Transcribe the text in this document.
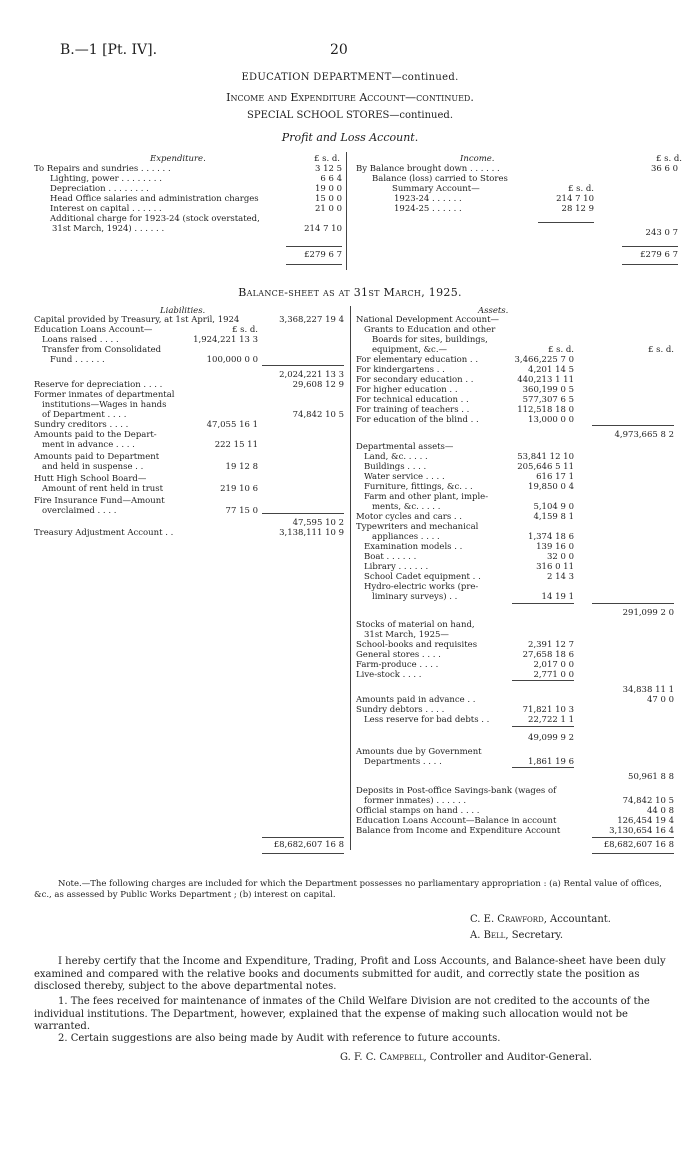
B.—1 [Pt. IV].	20
EDUCATION DEPARTMENT—continued.
Income and Expenditure Account—continued.
SPECIAL SCHOOL STORES—continued.
Profit and Loss Account.
Expenditure.	£ s. d.	Income.	£ s. d.
To Repairs and sundries . . . . . .	3 12 5
Lighting, power . . . . . . . .	6 6 4
Depreciation . . . . . . . .	19 0 0
Head Office salaries and administration charges	15 0 0
Interest on capital . . . . . .	21 0 0
Additional charge for 1923-24 (stock overstated,
31st March, 1924) . . . . . .	214 7 10
By Balance brought down . . . . . .	36 6 0
Balance (loss) carried to Stores
Summary Account—	£ s. d.
1923-24 . . . . . .	214 7 10
1924-25 . . . . . .	28 12 9
243 0 7
£279 6 7	£279 6 7
Balance-sheet as at 31st March, 1925.
Liabilities.	Assets.
Capital provided by Treasury, at 1st April, 1924	3,368,227 19 4
Education Loans Account—	£ s. d.
Loans raised . . . .	1,924,221 13 3
Transfer from Consolidated
Fund . . . . . .	100,000 0 0
2,024,221 13 3
Reserve for depreciation . . . .	29,608 12 9
Former inmates of departmental
institutions—Wages in hands
of Department . . . .	74,842 10 5
Sundry creditors . . . .	47,055 16 1
Amounts paid to the Depart-
ment in advance . . . .	222 15 11
Amounts paid to Department
and held in suspense . .	19 12 8
Hutt High School Board—
Amount of rent held in trust	219 10 6
Fire Insurance Fund—Amount
overclaimed . . . .	77 15 0
47,595 10 2
Treasury Adjustment Account . .	3,138,111 10 9
National Development Account—
Grants to Education and other
Boards for sites, buildings,
equipment, &c.—	£ s. d.	£ s. d.
For elementary education . .	3,466,225 7 0
For kindergartens . .	4,201 14 5
For secondary education . .	440,213 1 11
For higher education . .	360,199 0 5
For technical education . .	577,307 6 5
For training of teachers . .	112,518 18 0
For education of the blind . .	13,000 0 0
4,973,665 8 2
Departmental assets—
Land, &c. . . . .	53,841 12 10
Buildings . . . .	205,646 5 11
Water service . . . .	616 17 1
Furniture, fittings, &c. . .	19,850 0 4
Farm and other plant, imple-
ments, &c. . . . .	5,104 9 0
Motor cycles and cars . .	4,159 8 1
Typewriters and mechanical
appliances . . . .	1,374 18 6
Examination models . .	139 16 0
Boat . . . . . .	32 0 0
Library . . . . . .	316 0 11
School Cadet equipment . .	2 14 3
Hydro-electric works (pre-
liminary surveys) . .	14 19 1
291,099 2 0
Stocks of material on hand,
31st March, 1925—
School-books and requisites	2,391 12 7
General stores . . . .	27,658 18 6
Farm-produce . . . .	2,017 0 0
Live-stock . . . .	2,771 0 0
34,838 11 1
Amounts paid in advance . .	47 0 0
Sundry debtors . . . .	71,821 10 3
Less reserve for bad debts . .	22,722 1 1
49,099 9 2
Amounts due by Government
Departments . . . .	1,861 19 6
50,961 8 8
Deposits in Post-office Savings-bank (wages of
former inmates) . . . . . .	74,842 10 5
Official stamps on hand . . . .	44 0 8
Education Loans Account—Balance in account	126,454 19 4
Balance from Income and Expenditure Account	3,130,654 16 4
£8,682,607 16 8	£8,682,607 16 8
Note.—The following charges are included for which the Department possesses no parliamentary appropriation : (a) Rental value of offices, &c., as assessed by Public Works Department ; (b) interest on capital.
C. E. Crawford, Accountant.
A. Bell, Secretary.
I hereby certify that the Income and Expenditure, Trading, Profit and Loss Accounts, and Balance-sheet have been duly examined and compared with the relative books and documents submitted for audit, and correctly state the position as disclosed thereby, subject to the above departmental notes.
1. The fees received for maintenance of inmates of the Child Welfare Division are not credited to the accounts of the individual institutions. The Department, however, explained that the expense of making such allocation would not be warranted.
2. Certain suggestions are also being made by Audit with reference to future accounts.
G. F. C. Campbell, Controller and Auditor-General.
